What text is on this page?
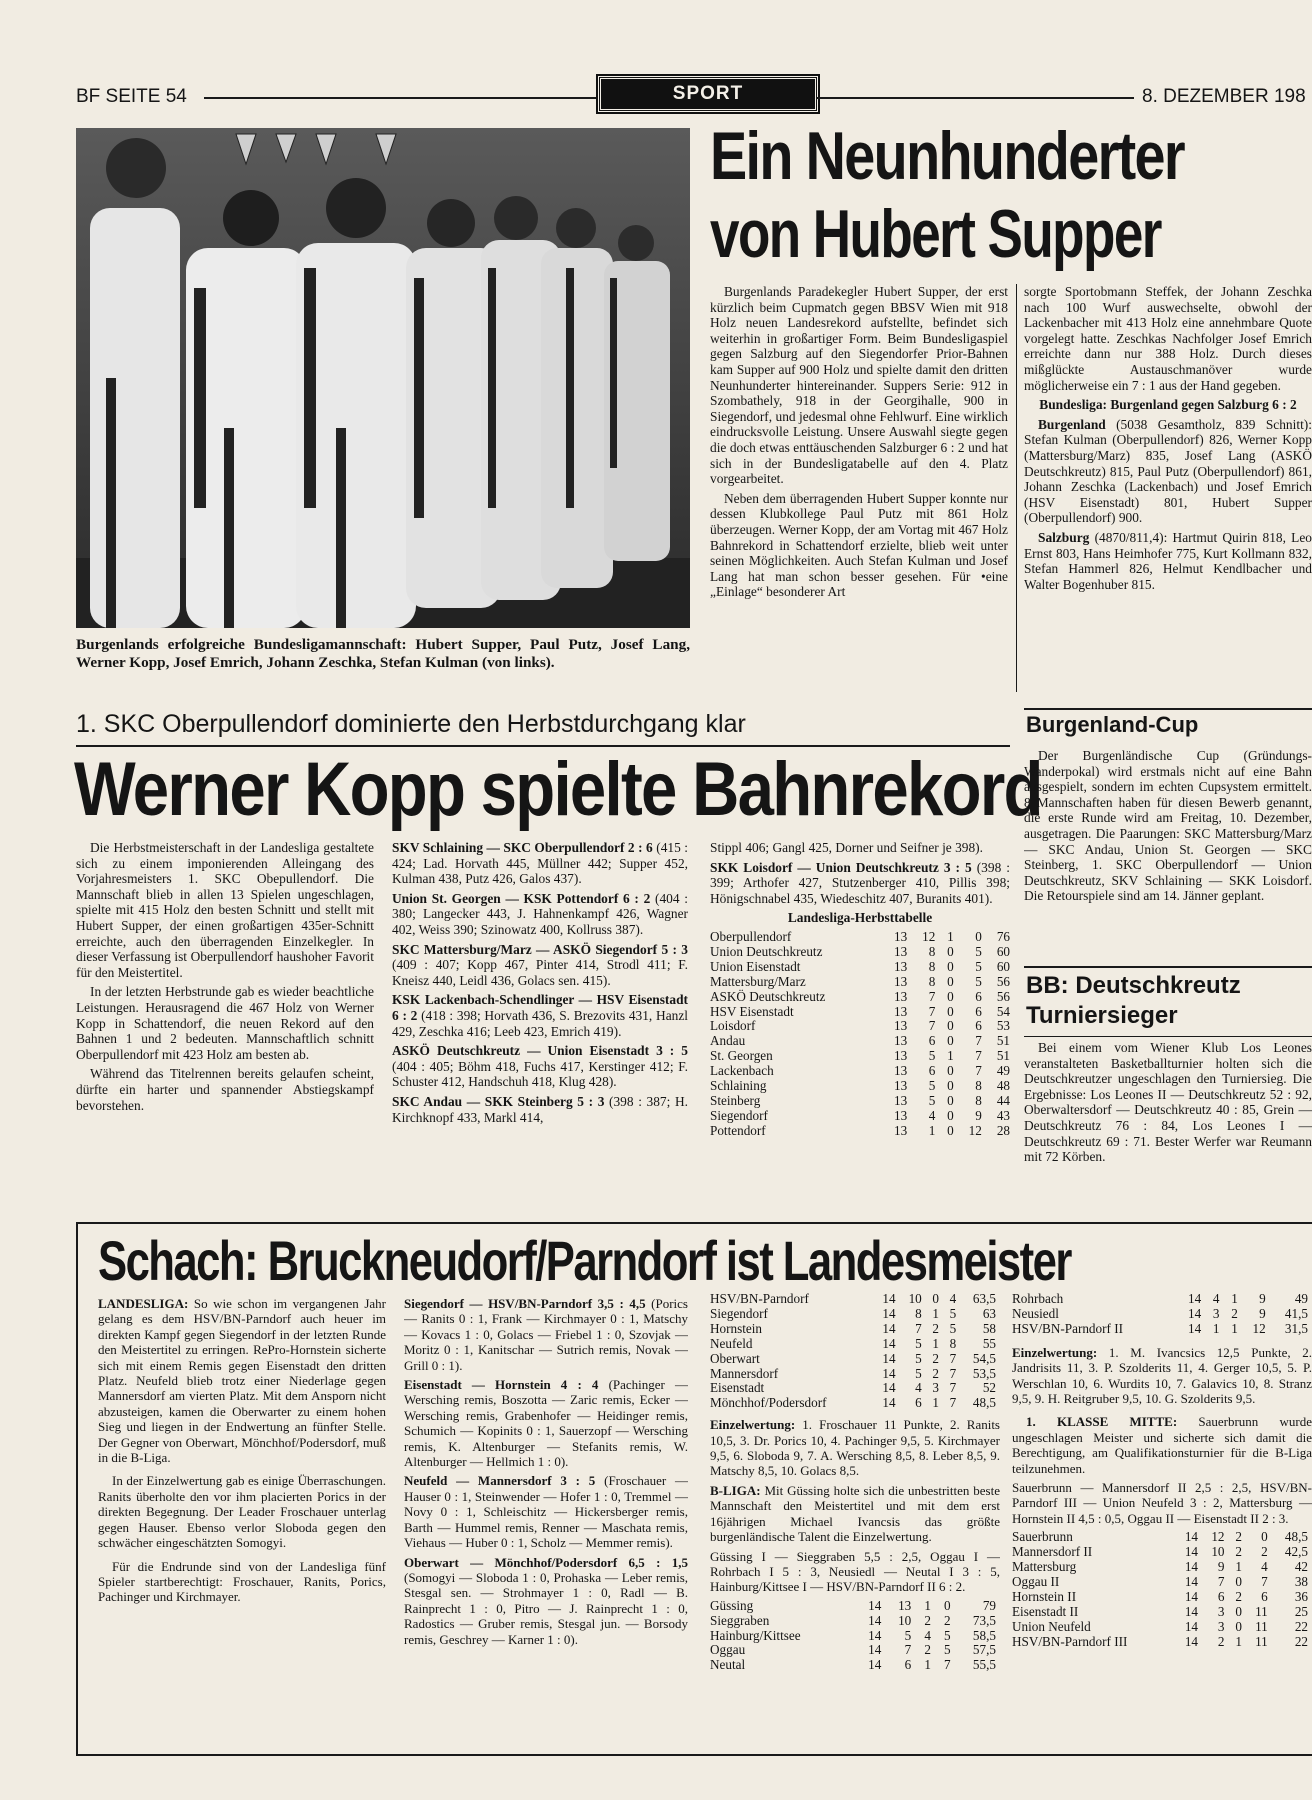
BF SEITE 54	SPORT	8. DEZEMBER 198
Burgenlands erfolgreiche Bundesligamannschaft: Hubert Supper, Paul Putz, Josef Lang, Werner Kopp, Josef Emrich, Johann Zeschka, Stefan Kulman (von links).
Ein Neunhunderter
von Hubert Supper

Burgenlands Paradekegler Hubert Supper, der erst kürzlich beim Cupmatch gegen BBSV Wien mit 918 Holz neuen Landesrekord aufstellte, befindet sich weiterhin in großartiger Form. Beim Bundesligaspiel gegen Salzburg auf den Siegendorfer Prior-Bahnen kam Supper auf 900 Holz und spielte damit den dritten Neunhunderter hintereinander. Suppers Serie: 912 in Szombathely, 918 in der Georgihalle, 900 in Siegendorf, und jedesmal ohne Fehlwurf. Eine wirklich eindrucksvolle Leistung. Unsere Auswahl siegte gegen die doch etwas enttäuschenden Salzburger 6 : 2 und hat sich in der Bundesligatabelle auf den 4. Platz vorgearbeitet.

Neben dem überragenden Hubert Supper konnte nur dessen Klubkollege Paul Putz mit 861 Holz überzeugen. Werner Kopp, der am Vortag mit 467 Holz Bahnrekord in Schattendorf erzielte, blieb weit unter seinen Möglichkeiten. Auch Stefan Kulman und Josef Lang hat man schon besser gesehen. Für •eine „Einlage“ besonderer Art

sorgte Sportobmann Steffek, der Johann Zeschka nach 100 Wurf auswechselte, obwohl der Lackenbacher mit 413 Holz eine annehmbare Quote vorgelegt hatte. Zeschkas Nachfolger Josef Emrich erreichte dann nur 388 Holz. Durch dieses mißglückte Austauschmanöver wurde möglicherweise ein 7 : 1 aus der Hand gegeben.

Bundesliga: Burgenland gegen Salzburg 6 : 2

Burgenland (5038 Gesamtholz, 839 Schnitt): Stefan Kulman (Oberpullendorf) 826, Werner Kopp (Mattersburg/Marz) 835, Josef Lang (ASKÖ Deutschkreutz) 815, Paul Putz (Oberpullendorf) 861, Johann Zeschka (Lackenbach) und Josef Emrich (HSV Eisenstadt) 801, Hubert Supper (Oberpullendorf) 900.

Salzburg (4870/811,4): Hartmut Quirin 818, Leo Ernst 803, Hans Heimhofer 775, Kurt Kollmann 832, Stefan Hammerl 826, Helmut Kendlbacher und Walter Bogenhuber 815.

1. SKC Oberpullendorf dominierte den Herbstdurchgang klar
Werner Kopp spielte Bahnrekord

Die Herbstmeisterschaft in der Landesliga gestaltete sich zu einem imponierenden Alleingang des Vorjahresmeisters 1. SKC Obepullendorf. Die Mannschaft blieb in allen 13 Spielen ungeschlagen, spielte mit 415 Holz den besten Schnitt und stellt mit Hubert Supper, der einen großartigen 435er-Schnitt erreichte, auch den überragenden Einzelkegler. In dieser Verfassung ist Oberpullendorf haushoher Favorit für den Meistertitel.

In der letzten Herbstrunde gab es wieder beachtliche Leistungen. Herausragend die 467 Holz von Werner Kopp in Schattendorf, die neuen Rekord auf den Bahnen 1 und 2 bedeuten. Mannschaftlich schnitt Oberpullendorf mit 423 Holz am besten ab.

Während das Titelrennen bereits gelaufen scheint, dürfte ein harter und spannender Abstiegskampf bevorstehen.

SKV Schlaining — SKC Oberpullendorf 2 : 6 (415 : 424; Lad. Horvath 445, Müllner 442; Supper 452, Kulman 438, Putz 426, Galos 437).

Union St. Georgen — KSK Pottendorf 6 : 2 (404 : 380; Langecker 443, J. Hahnenkampf 426, Wagner 402, Weiss 390; Szinowatz 400, Kollruss 387).

SKC Mattersburg/Marz — ASKÖ Siegendorf 5 : 3 (409 : 407; Kopp 467, Pinter 414, Strodl 411; F. Kneisz 440, Leidl 436, Golacs sen. 415).

KSK Lackenbach-Schendlinger — HSV Eisenstadt 6 : 2 (418 : 398; Horvath 436, S. Brezovits 431, Hanzl 429, Zeschka 416; Leeb 423, Emrich 419).

ASKÖ Deutschkreutz — Union Eisenstadt 3 : 5 (404 : 405; Böhm 418, Fuchs 417, Kerstinger 412; F. Schuster 412, Handschuh 418, Klug 428).

SKC Andau — SKK Steinberg 5 : 3 (398 : 387; H. Kirchknopf 433, Markl 414,

Stippl 406; Gangl 425, Dorner und Seifner je 398).

SKK Loisdorf — Union Deutschkreutz 3 : 5 (398 : 399; Arthofer 427, Stutzenberger 410, Pillis 398; Hönigschnabel 435, Wiedeschitz 407, Buranits 401).

Landesliga-Herbsttabelle

Oberpullendorf	13	12	1	0	76
Union Deutschkreutz	13	8	0	5	60
Union Eisenstadt	13	8	0	5	60
Mattersburg/Marz	13	8	0	5	56
ASKÖ Deutschkreutz	13	7	0	6	56
HSV Eisenstadt	13	7	0	6	54
Loisdorf	13	7	0	6	53
Andau	13	6	0	7	51
St. Georgen	13	5	1	7	51
Lackenbach	13	6	0	7	49
Schlaining	13	5	0	8	48
Steinberg	13	5	0	8	44
Siegendorf	13	4	0	9	43
Pottendorf	13	1	0	12	28
Burgenland-Cup

Der Burgenländische Cup (Gründungs-Wanderpokal) wird erstmals nicht auf eine Bahn ausgespielt, sondern im echten Cupsystem ermittelt. 8 Mannschaften haben für diesen Bewerb genannt, die erste Runde wird am Freitag, 10. Dezember, ausgetragen. Die Paarungen: SKC Mattersburg/Marz — SKC Andau, Union St. Georgen — SKC Steinberg, 1. SKC Oberpullendorf — Union Deutschkreutz, SKV Schlaining — SKK Loisdorf. Die Retourspiele sind am 14. Jänner geplant.

BB: Deutschkreutz
Turniersieger

Bei einem vom Wiener Klub Los Leones veranstalteten Basketballturnier holten sich die Deutschkreutzer ungeschlagen den Turniersieg. Die Ergebnisse: Los Leones II — Deutschkreutz 52 : 92, Oberwaltersdorf — Deutschkreutz 40 : 85, Grein — Deutschkreutz 76 : 84, Los Leones I — Deutschkreutz 69 : 71. Bester Werfer war Reumann mit 72 Körben.

Schach: Bruckneudorf/Parndorf ist Landesmeister

LANDESLIGA: So wie schon im vergangenen Jahr gelang es dem HSV/BN-Parndorf auch heuer im direkten Kampf gegen Siegendorf in der letzten Runde den Meistertitel zu erringen. RePro-Hornstein sicherte sich mit einem Remis gegen Eisenstadt den dritten Platz. Neufeld blieb trotz einer Niederlage gegen Mannersdorf am vierten Platz. Mit dem Ansporn nicht abzusteigen, kamen die Oberwarter zu einem hohen Sieg und liegen in der Endwertung an fünfter Stelle. Der Gegner von Oberwart, Mönchhof/Podersdorf, muß in die B-Liga.

In der Einzelwertung gab es einige Überraschungen. Ranits überholte den vor ihm placierten Porics in der direkten Begegnung. Der Leader Froschauer unterlag gegen Hauser. Ebenso verlor Sloboda gegen den schwächer eingeschätzten Somogyi.

Für die Endrunde sind von der Landesliga fünf Spieler startberechtigt: Froschauer, Ranits, Porics, Pachinger und Kirchmayer.

Siegendorf — HSV/BN-Parndorf 3,5 : 4,5 (Porics — Ranits 0 : 1, Frank — Kirchmayer 0 : 1, Matschy — Kovacs 1 : 0, Golacs — Friebel 1 : 0, Szovjak — Moritz 0 : 1, Kanitschar — Sutrich remis, Novak — Grill 0 : 1).

Eisenstadt — Hornstein 4 : 4 (Pachinger — Wersching remis, Boszotta — Zaric remis, Ecker — Wersching remis, Grabenhofer — Heidinger remis, Schumich — Kopinits 0 : 1, Sauerzopf — Wersching remis, K. Altenburger — Stefanits remis, W. Altenburger — Hellmich 1 : 0).

Neufeld — Mannersdorf 3 : 5 (Froschauer — Hauser 0 : 1, Steinwender — Hofer 1 : 0, Tremmel — Novy 0 : 1, Schleischitz — Hickersberger remis, Barth — Hummel remis, Renner — Maschata remis, Viehaus — Huber 0 : 1, Scholz — Memmer remis).

Oberwart — Mönchhof/Podersdorf 6,5 : 1,5 (Somogyi — Sloboda 1 : 0, Prohaska — Leber remis, Stesgal sen. — Strohmayer 1 : 0, Radl — B. Rainprecht 1 : 0, Pitro — J. Rainprecht 1 : 0, Radostics — Gruber remis, Stesgal jun. — Borsody remis, Geschrey — Karner 1 : 0).

HSV/BN-Parndorf	14	10	0	4	63,5
Siegendorf	14	8	1	5	63
Hornstein	14	7	2	5	58
Neufeld	14	5	1	8	55
Oberwart	14	5	2	7	54,5
Mannersdorf	14	5	2	7	53,5
Eisenstadt	14	4	3	7	52
Mönchhof/Podersdorf	14	6	1	7	48,5

Einzelwertung: 1. Froschauer 11 Punkte, 2. Ranits 10,5, 3. Dr. Porics 10, 4. Pachinger 9,5, 5. Kirchmayer 9,5, 6. Sloboda 9, 7. A. Wersching 8,5, 8. Leber 8,5, 9. Matschy 8,5, 10. Golacs 8,5.

B-LIGA: Mit Güssing holte sich die unbestritten beste Mannschaft den Meistertitel und mit dem erst 16jährigen Michael Ivancsis das größte burgenländische Talent die Einzelwertung.

Güssing I — Sieggraben 5,5 : 2,5, Oggau I — Rohrbach I 5 : 3, Neusiedl — Neutal I 3 : 5, Hainburg/Kittsee I — HSV/BN-Parndorf II 6 : 2.

Güssing	14	13	1	0	79
Sieggraben	14	10	2	2	73,5
Hainburg/Kittsee	14	5	4	5	58,5
Oggau	14	7	2	5	57,5
Neutal	14	6	1	7	55,5
Rohrbach	14	4	1	9	49
Neusiedl	14	3	2	9	41,5
HSV/BN-Parndorf II	14	1	1	12	31,5

Einzelwertung: 1. M. Ivancsics 12,5 Punkte, 2. Jandrisits 11, 3. P. Szolderits 11, 4. Gerger 10,5, 5. P. Werschlan 10, 6. Wurdits 10, 7. Galavics 10, 8. Stranz 9,5, 9. H. Reitgruber 9,5, 10. G. Szolderits 9,5.

1. KLASSE MITTE: Sauerbrunn wurde ungeschlagen Meister und sicherte sich damit die Berechtigung, am Qualifikationsturnier für die B-Liga teilzunehmen.

Sauerbrunn — Mannersdorf II 2,5 : 2,5, HSV/BN-Parndorf III — Union Neufeld 3 : 2, Mattersburg — Hornstein II 4,5 : 0,5, Oggau II — Eisenstadt II 2 : 3.

Sauerbrunn	14	12	2	0	48,5
Mannersdorf II	14	10	2	2	42,5
Mattersburg	14	9	1	4	42
Oggau II	14	7	0	7	38
Hornstein II	14	6	2	6	36
Eisenstadt II	14	3	0	11	25
Union Neufeld	14	3	0	11	22
HSV/BN-Parndorf III	14	2	1	11	22
